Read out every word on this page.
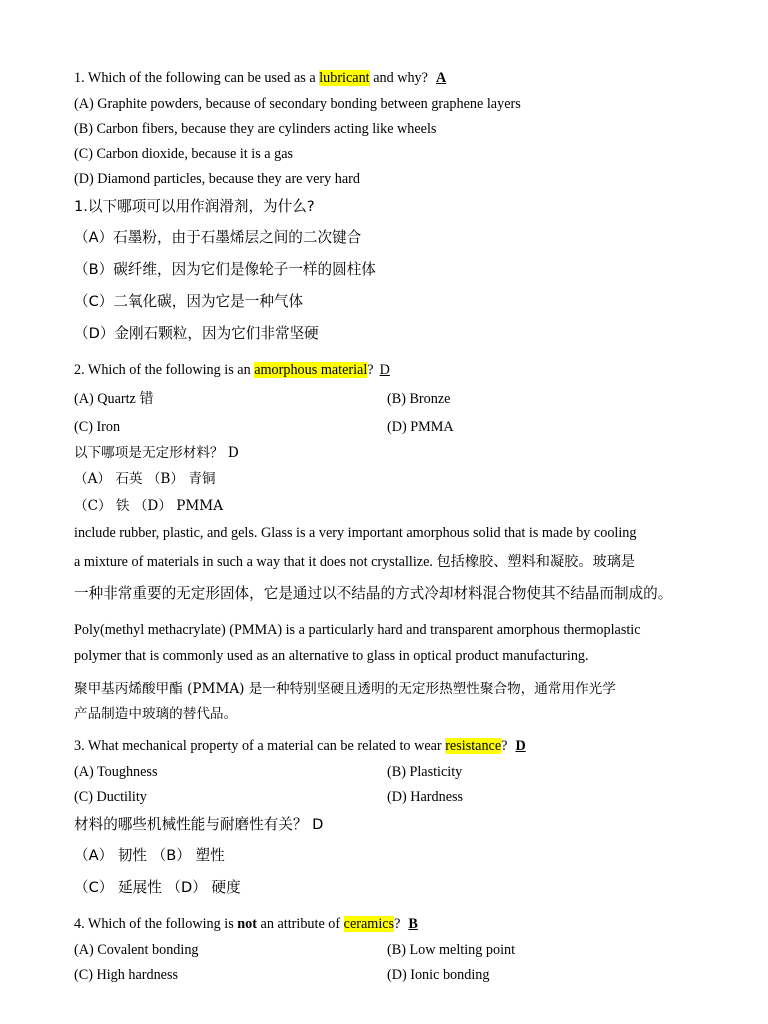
1. Which of the following can be used as a lubricant and why? A
(A) Graphite powders, because of secondary bonding between graphene layers
(B) Carbon fibers, because they are cylinders acting like wheels
(C) Carbon dioxide, because it is a gas
(D) Diamond particles, because they are very hard
1.以下哪项可以用作润滑剂，为什么?
（A）石墨粉，由于石墨烯层之间的二次键合
（B）碳纤维，因为它们是像轮子一样的圆柱体
（C）二氧化碳，因为它是一种气体
（D）金刚石颗粒，因为它们非常坚硬
2. Which of the following is an amorphous material? D
(A) Quartz 错	(B) Bronze
(C) Iron	(D) PMMA
以下哪项是无定形材料？ D
（A） 石英 （B） 青铜
（C） 铁 （D） PMMA
include rubber, plastic, and gels. Glass is a very important amorphous solid that is made by cooling
a mixture of materials in such a way that it does not crystallize. 包括橡胶、塑料和凝胶。玻璃是
一种非常重要的无定形固体，它是通过以不结晶的方式冷却材料混合物使其不结晶而制成的。
Poly(methyl methacrylate) (PMMA) is a particularly hard and transparent amorphous thermoplastic
polymer that is commonly used as an alternative to glass in optical product manufacturing.
聚甲基丙烯酸甲酯 (PMMA) 是一种特别坚硬且透明的无定形热塑性聚合物，通常用作光学
产品制造中玻璃的替代品。
3. What mechanical property of a material can be related to wear resistance? D
(A) Toughness	(B) Plasticity
(C) Ductility	(D) Hardness
材料的哪些机械性能与耐磨性有关？ D
（A） 韧性 （B） 塑性
（C） 延展性 （D） 硬度
4. Which of the following is not an attribute of ceramics? B
(A) Covalent bonding	(B) Low melting point
(C) High hardness	(D) Ionic bonding
